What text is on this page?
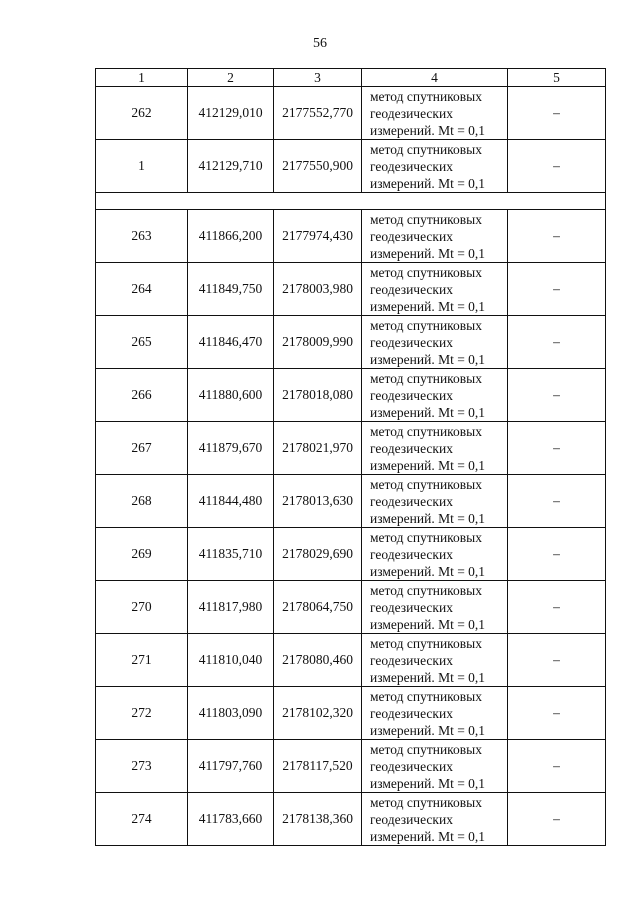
56
1	2	3	4	5
262	412129,010	2177552,770	метод спутниковых
геодезических
измерений. Mt = 0,1	–
1	412129,710	2177550,900	метод спутниковых
геодезических
измерений. Mt = 0,1	–

263	411866,200	2177974,430	метод спутниковых
геодезических
измерений. Mt = 0,1	–
264	411849,750	2178003,980	метод спутниковых
геодезических
измерений. Mt = 0,1	–
265	411846,470	2178009,990	метод спутниковых
геодезических
измерений. Mt = 0,1	–
266	411880,600	2178018,080	метод спутниковых
геодезических
измерений. Mt = 0,1	–
267	411879,670	2178021,970	метод спутниковых
геодезических
измерений. Mt = 0,1	–
268	411844,480	2178013,630	метод спутниковых
геодезических
измерений. Mt = 0,1	–
269	411835,710	2178029,690	метод спутниковых
геодезических
измерений. Mt = 0,1	–
270	411817,980	2178064,750	метод спутниковых
геодезических
измерений. Mt = 0,1	–
271	411810,040	2178080,460	метод спутниковых
геодезических
измерений. Mt = 0,1	–
272	411803,090	2178102,320	метод спутниковых
геодезических
измерений. Mt = 0,1	–
273	411797,760	2178117,520	метод спутниковых
геодезических
измерений. Mt = 0,1	–
274	411783,660	2178138,360	метод спутниковых
геодезических
измерений. Mt = 0,1	–
